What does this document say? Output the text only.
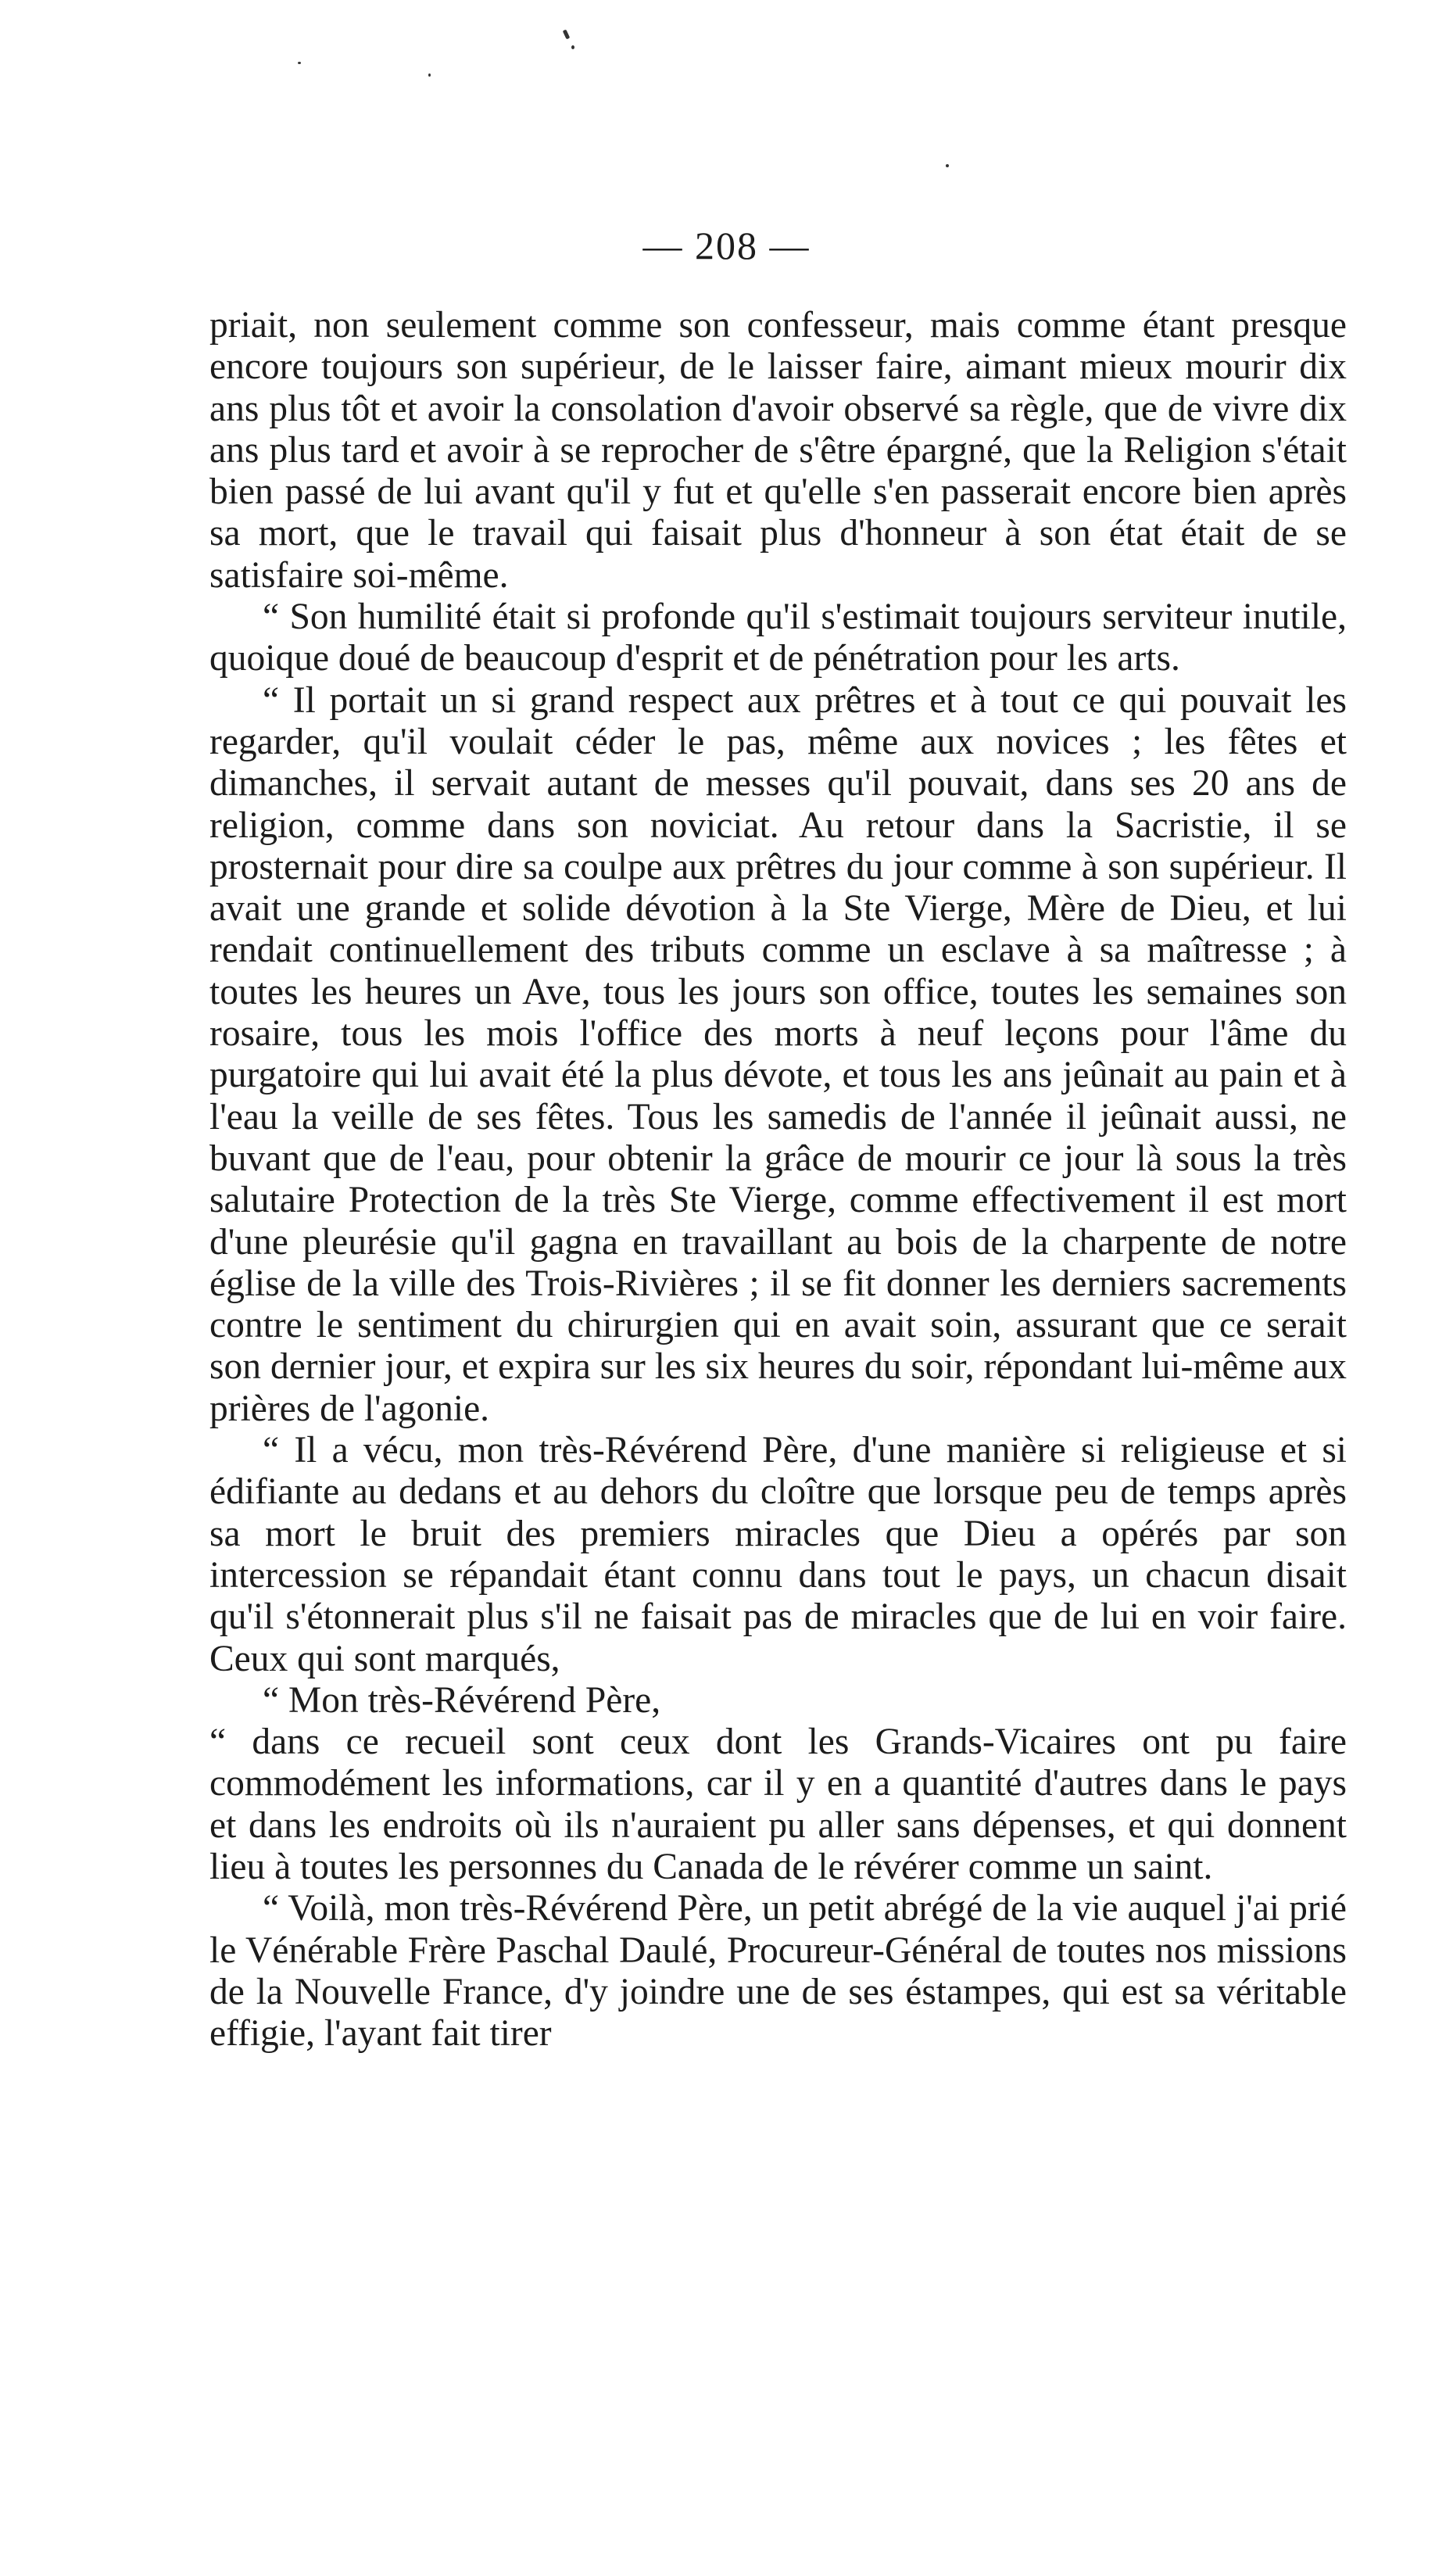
— 208 —

priait, non seulement comme son confesseur, mais comme étant presque encore toujours son supérieur, de le laisser faire, aimant mieux mourir dix ans plus tôt et avoir la consolation d'avoir observé sa règle, que de vivre dix ans plus tard et avoir à se reprocher de s'être épargné, que la Religion s'était bien passé de lui avant qu'il y fut et qu'elle s'en passerait encore bien après sa mort, que le travail qui faisait plus d'honneur à son état était de se satisfaire soi-même.

“ Son humilité était si profonde qu'il s'estimait toujours serviteur inutile, quoique doué de beaucoup d'esprit et de pénétration pour les arts.

“ Il portait un si grand respect aux prêtres et à tout ce qui pouvait les regarder, qu'il voulait céder le pas, même aux novices ; les fêtes et dimanches, il servait autant de messes qu'il pouvait, dans ses 20 ans de religion, comme dans son noviciat. Au retour dans la Sacristie, il se prosternait pour dire sa coulpe aux prêtres du jour comme à son supérieur. Il avait une grande et solide dévotion à la Ste Vierge, Mère de Dieu, et lui rendait continuellement des tributs comme un esclave à sa maîtresse ; à toutes les heures un Ave, tous les jours son office, toutes les semaines son rosaire, tous les mois l'office des morts à neuf leçons pour l'âme du purgatoire qui lui avait été la plus dévote, et tous les ans jeûnait au pain et à l'eau la veille de ses fêtes. Tous les samedis de l'année il jeûnait aussi, ne buvant que de l'eau, pour obtenir la grâce de mourir ce jour là sous la très salutaire Protection de la très Ste Vierge, comme effectivement il est mort d'une pleurésie qu'il gagna en travaillant au bois de la charpente de notre église de la ville des Trois-Rivières ; il se fit donner les derniers sacrements contre le sentiment du chirurgien qui en avait soin, assurant que ce serait son dernier jour, et expira sur les six heures du soir, répondant lui-même aux prières de l'agonie.

“ Il a vécu, mon très-Révérend Père, d'une manière si religieuse et si édifiante au dedans et au dehors du cloître que lorsque peu de temps après sa mort le bruit des premiers miracles que Dieu a opérés par son intercession se répandait étant connu dans tout le pays, un chacun disait qu'il s'étonnerait plus s'il ne faisait pas de miracles que de lui en voir faire. Ceux qui sont marqués,

“ Mon très-Révérend Père,

“ dans ce recueil sont ceux dont les Grands-Vicaires ont pu faire commodément les informations, car il y en a quantité d'autres dans le pays et dans les endroits où ils n'auraient pu aller sans dépenses, et qui donnent lieu à toutes les personnes du Canada de le révérer comme un saint.

“ Voilà, mon très-Révérend Père, un petit abrégé de la vie auquel j'ai prié le Vénérable Frère Paschal Daulé, Procureur-Général de toutes nos missions de la Nouvelle France, d'y joindre une de ses éstampes, qui est sa véritable effigie, l'ayant fait tirer
